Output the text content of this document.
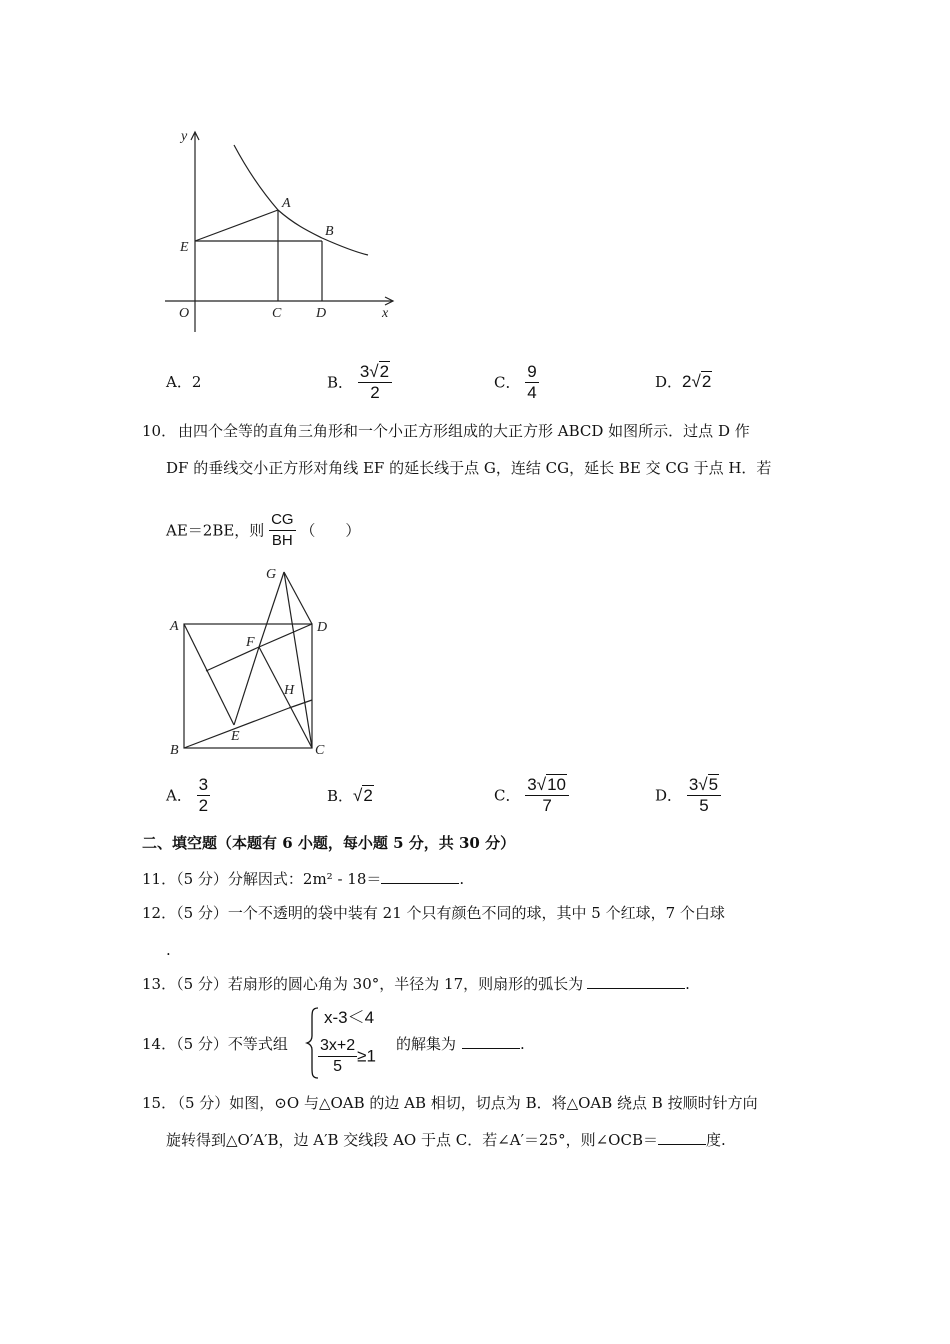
y
x
O
A
B
C D
E
A．2	B． $\frac{3√2}{2}$	C． $\frac{9}{4}$	D．2√2
10． 由四个全等的直角三角形和一个小正方形组成的大正方形 ABCD 如图所示．过点 D 作
DF 的垂线交小正方形对角线 EF 的延长线于点 G，连结 CG，延长 BE 交 CG 于点 H．若
AE＝2BE，则 $\frac{CG}{BH}$ （　　）
G
A	D
F
H
B
E
C
A． $\frac{3}{2}$	B．√2	C． $\frac{3√10}{7}$	D． $\frac{3√5}{5}$
二、填空题（本题有 6 小题，每小题 5 分，共 30 分）
11．（5 分）分解因式：2m² - 18＝	.
12．（5 分）一个不透明的袋中装有 21 个只有颜色不同的球，其中 5 个红球，7 个白球
.
13．（5 分）若扇形的圆心角为 30°，半径为 17，则扇形的弧长为	.
14．（5 分）不等式组
x-3＜4
$\frac{3x+2}{5} \ge 1$
的解集为	.
15．
（5 分）如图，⊙O 与△OAB 的边 AB 相切，切点为 B．将△OAB 绕点 B 按顺时针方向
旋转得到△O′A′B，边 A′B 交线段 AO 于点 C．若∠A′＝25°，则∠OCB＝	度.
